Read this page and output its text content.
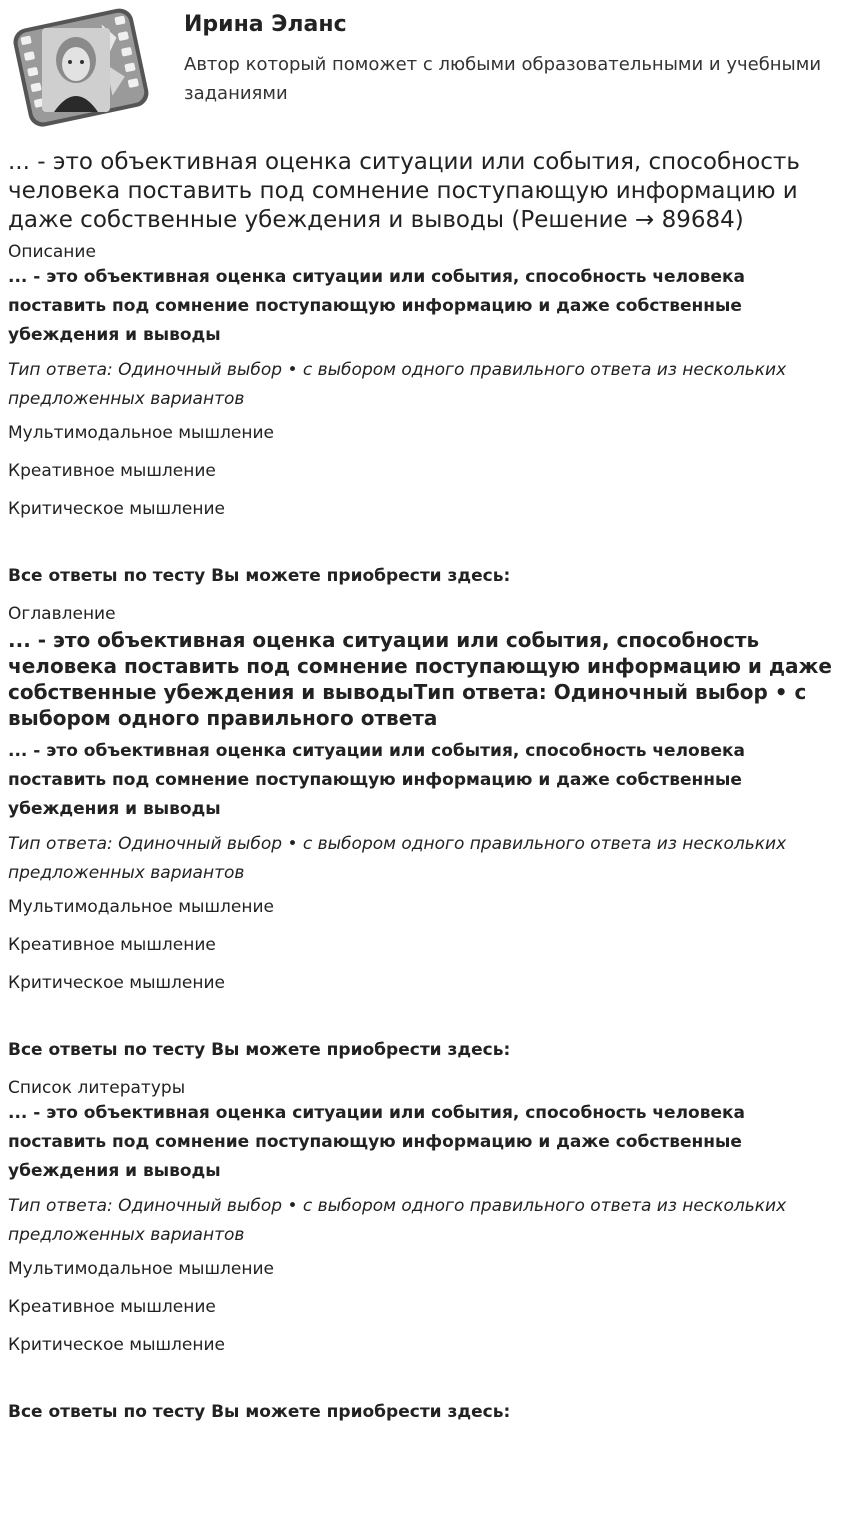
Ирина Эланс
Автор который поможет с любыми образовательными и учебными заданиями
... - это объективная оценка ситуации или события, способность человека поставить под сомнение поступающую информацию и даже собственные убеждения и выводы (Решение → 89684)

Описание

... - это объективная оценка ситуации или события, способность человека поставить под сомнение поступающую информацию и даже собственные убеждения и выводы

Тип ответа: Одиночный выбор • с выбором одного правильного ответа из нескольких предложенных вариантов

Мультимодальное мышление

Креативное мышление

Критическое мышление

Все ответы по тесту Вы можете приобрести здесь:

Оглавление

... - это объективная оценка ситуации или события, способность человека поставить под сомнение поступающую информацию и даже собственные убеждения и выводыТип ответа: Одиночный выбор • с выбором одного правильного ответа

... - это объективная оценка ситуации или события, способность человека поставить под сомнение поступающую информацию и даже собственные убеждения и выводы

Тип ответа: Одиночный выбор • с выбором одного правильного ответа из нескольких предложенных вариантов

Мультимодальное мышление

Креативное мышление

Критическое мышление

Все ответы по тесту Вы можете приобрести здесь:

Список литературы

... - это объективная оценка ситуации или события, способность человека поставить под сомнение поступающую информацию и даже собственные убеждения и выводы

Тип ответа: Одиночный выбор • с выбором одного правильного ответа из нескольких предложенных вариантов

Мультимодальное мышление

Креативное мышление

Критическое мышление

Все ответы по тесту Вы можете приобрести здесь:
